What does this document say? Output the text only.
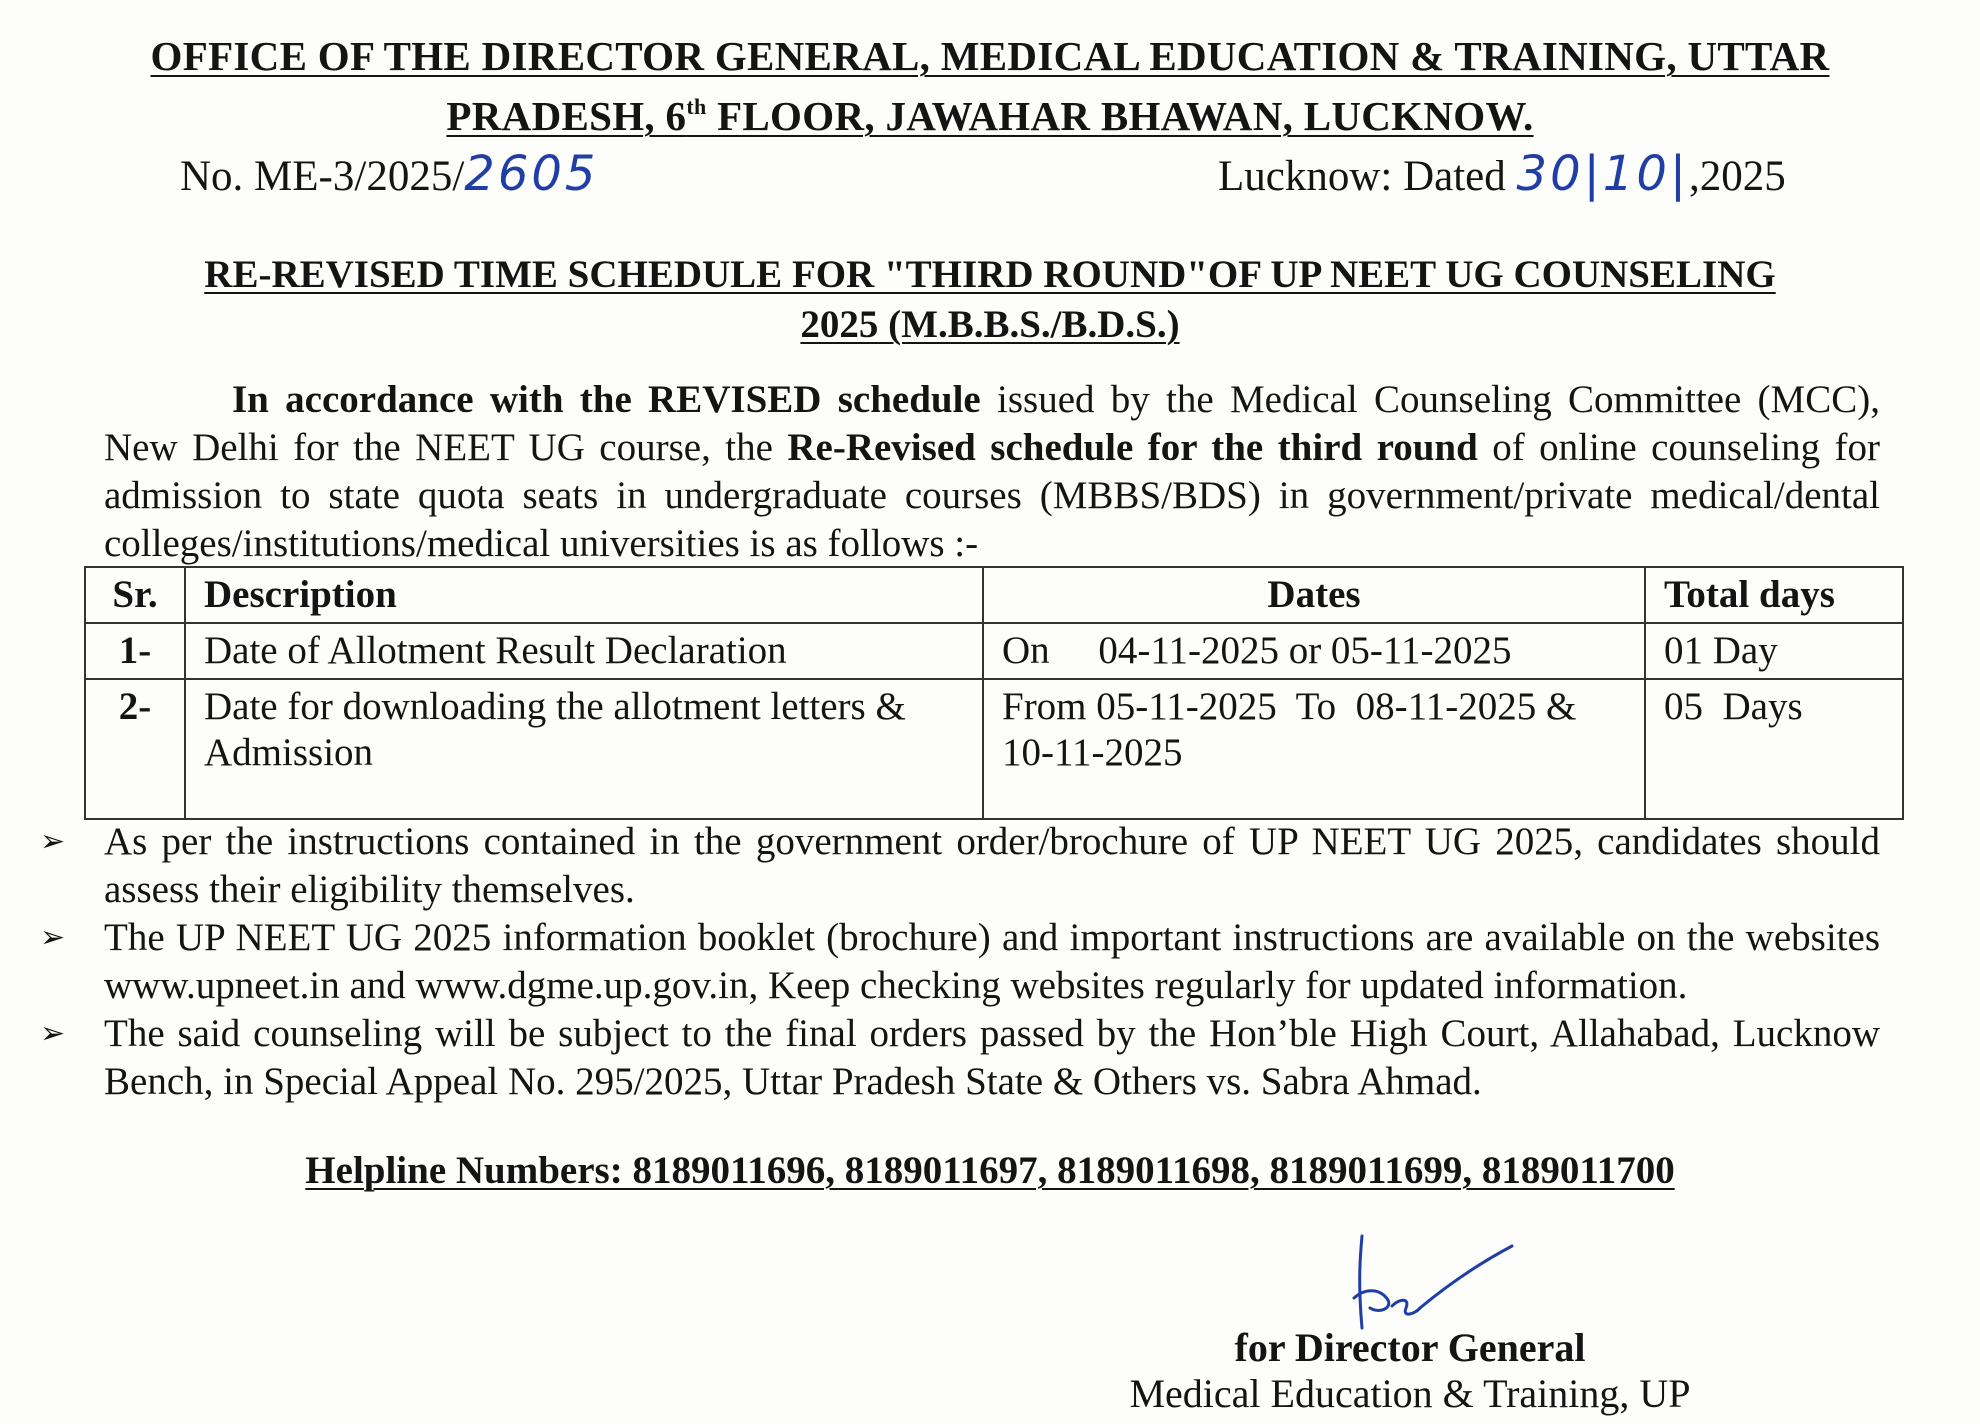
OFFICE OF THE DIRECTOR GENERAL, MEDICAL EDUCATION & TRAINING, UTTAR
PRADESH, 6th FLOOR, JAWAHAR BHAWAN, LUCKNOW.
No. ME-3/2025/2605	Lucknow: Dated 30|10|,2025
RE-REVISED TIME SCHEDULE FOR "THIRD ROUND"OF UP NEET UG COUNSELING
2025 (M.B.B.S./B.D.S.)
In accordance with the REVISED schedule issued by the Medical Counseling Committee (MCC), New Delhi for the NEET UG course, the Re-Revised schedule for the third round of online counseling for admission to state quota seats in undergraduate courses (MBBS/BDS) in government/private medical/dental colleges/institutions/medical universities is as follows :-
Sr.	Description	Dates	Total days
1-	Date of Allotment Result Declaration	On     04-11-2025 or 05-11-2025	01 Day
2-	Date for downloading the allotment letters & Admission	From 05-11-2025  To  08-11-2025 & 10-11-2025	05  Days
➢ As per the instructions contained in the government order/brochure of UP NEET UG 2025, candidates should assess their eligibility themselves.
➢ The UP NEET UG 2025 information booklet (brochure) and important instructions are available on the websites www.upneet.in and www.dgme.up.gov.in, Keep checking websites regularly for updated information.
➢ The said counseling will be subject to the final orders passed by the Hon’ble High Court, Allahabad, Lucknow Bench, in Special Appeal No. 295/2025, Uttar Pradesh State & Others vs. Sabra Ahmad.
Helpline Numbers: 8189011696, 8189011697, 8189011698, 8189011699, 8189011700
for Director General
Medical Education & Training, UP
